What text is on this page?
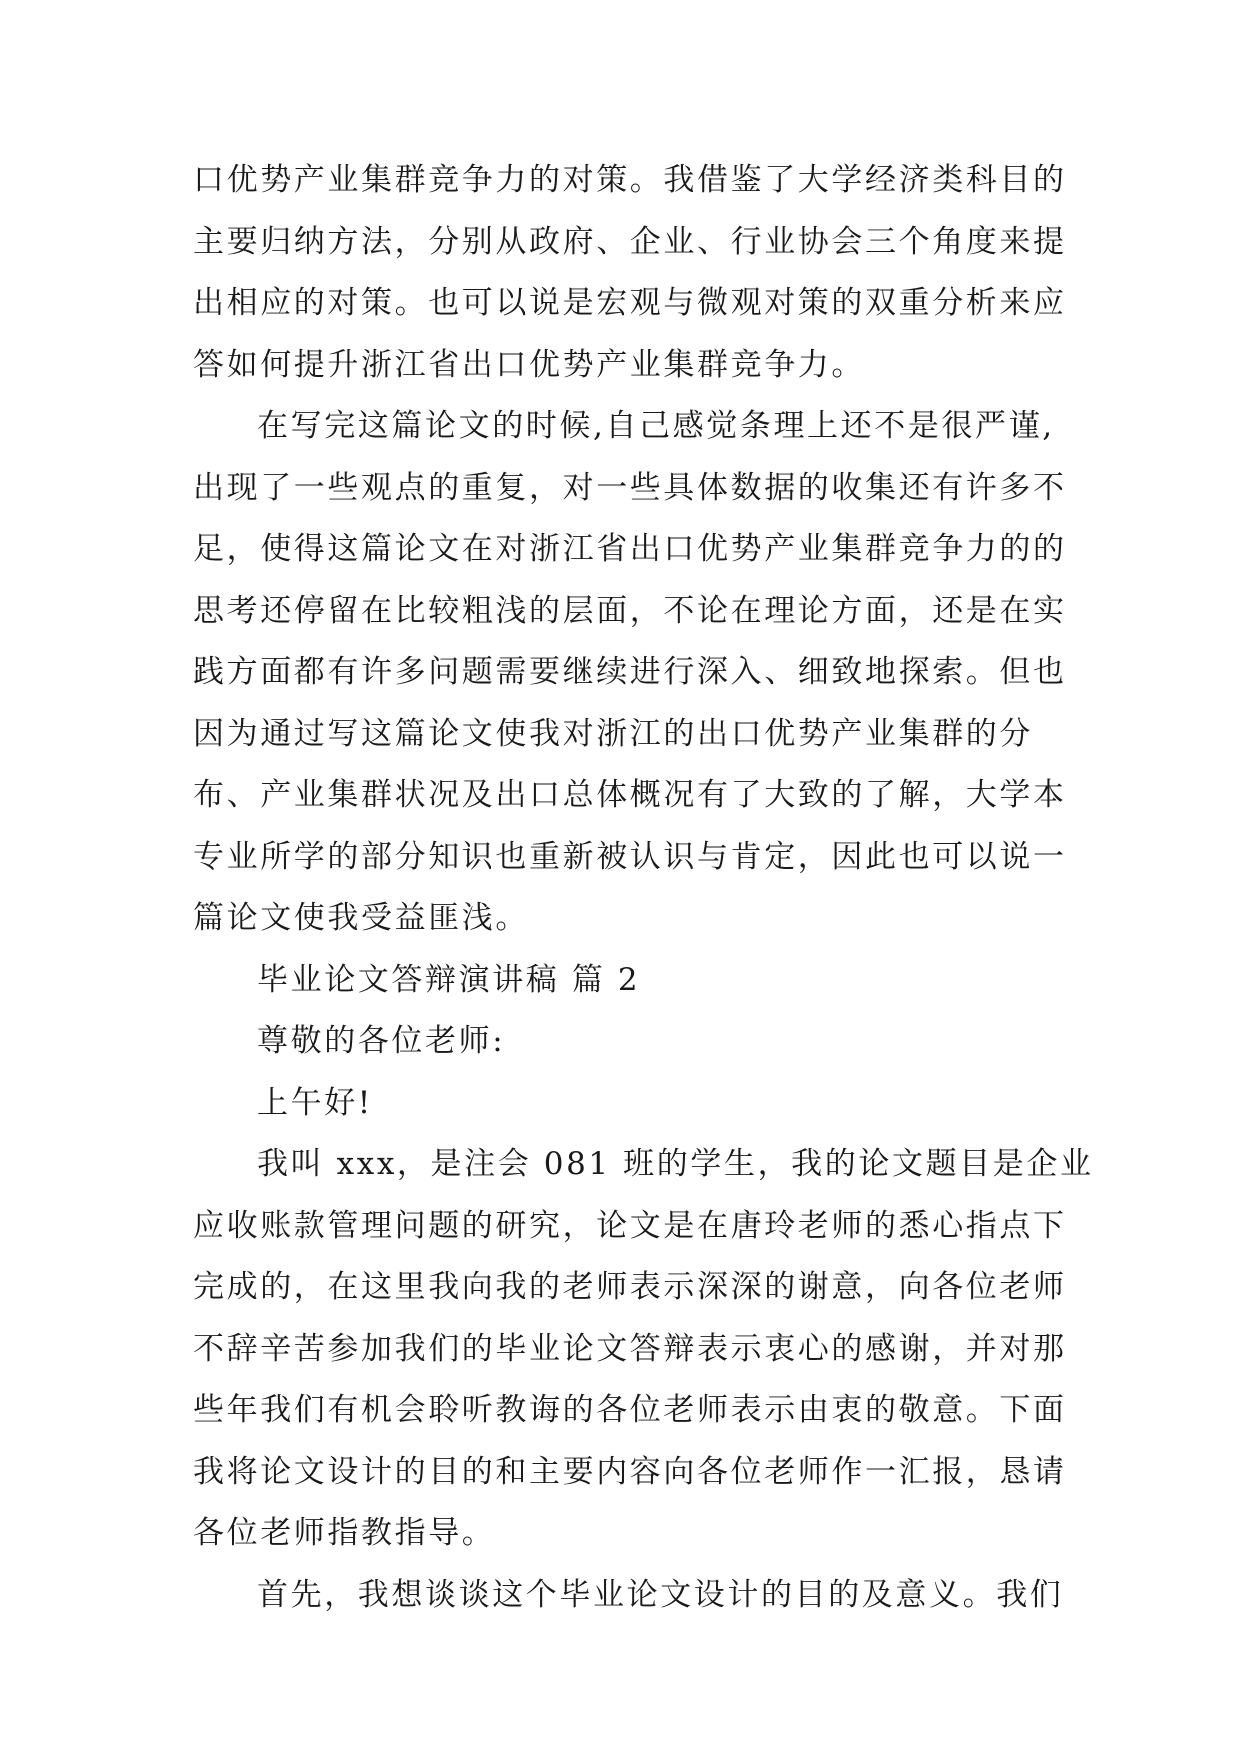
口优势产业集群竞争力的对策。我借鉴了大学经济类科目的
主要归纳方法，分别从政府、企业、行业协会三个角度来提
出相应的对策。也可以说是宏观与微观对策的双重分析来应
答如何提升浙江省出口优势产业集群竞争力。
在写完这篇论文的时候,自己感觉条理上还不是很严谨,
出现了一些观点的重复，对一些具体数据的收集还有许多不
足，使得这篇论文在对浙江省出口优势产业集群竞争力的的
思考还停留在比较粗浅的层面，不论在理论方面，还是在实
践方面都有许多问题需要继续进行深入、细致地探索。但也
因为通过写这篇论文使我对浙江的出口优势产业集群的分
布、产业集群状况及出口总体概况有了大致的了解，大学本
专业所学的部分知识也重新被认识与肯定，因此也可以说一
篇论文使我受益匪浅。
毕业论文答辩演讲稿 篇 2
尊敬的各位老师:
上午好!
我叫 xxx，是注会 081 班的学生，我的论文题目是企业
应收账款管理问题的研究，论文是在唐玲老师的悉心指点下
完成的，在这里我向我的老师表示深深的谢意，向各位老师
不辞辛苦参加我们的毕业论文答辩表示衷心的感谢，并对那
些年我们有机会聆听教诲的各位老师表示由衷的敬意。下面
我将论文设计的目的和主要内容向各位老师作一汇报，恳请
各位老师指教指导。
首先，我想谈谈这个毕业论文设计的目的及意义。我们
